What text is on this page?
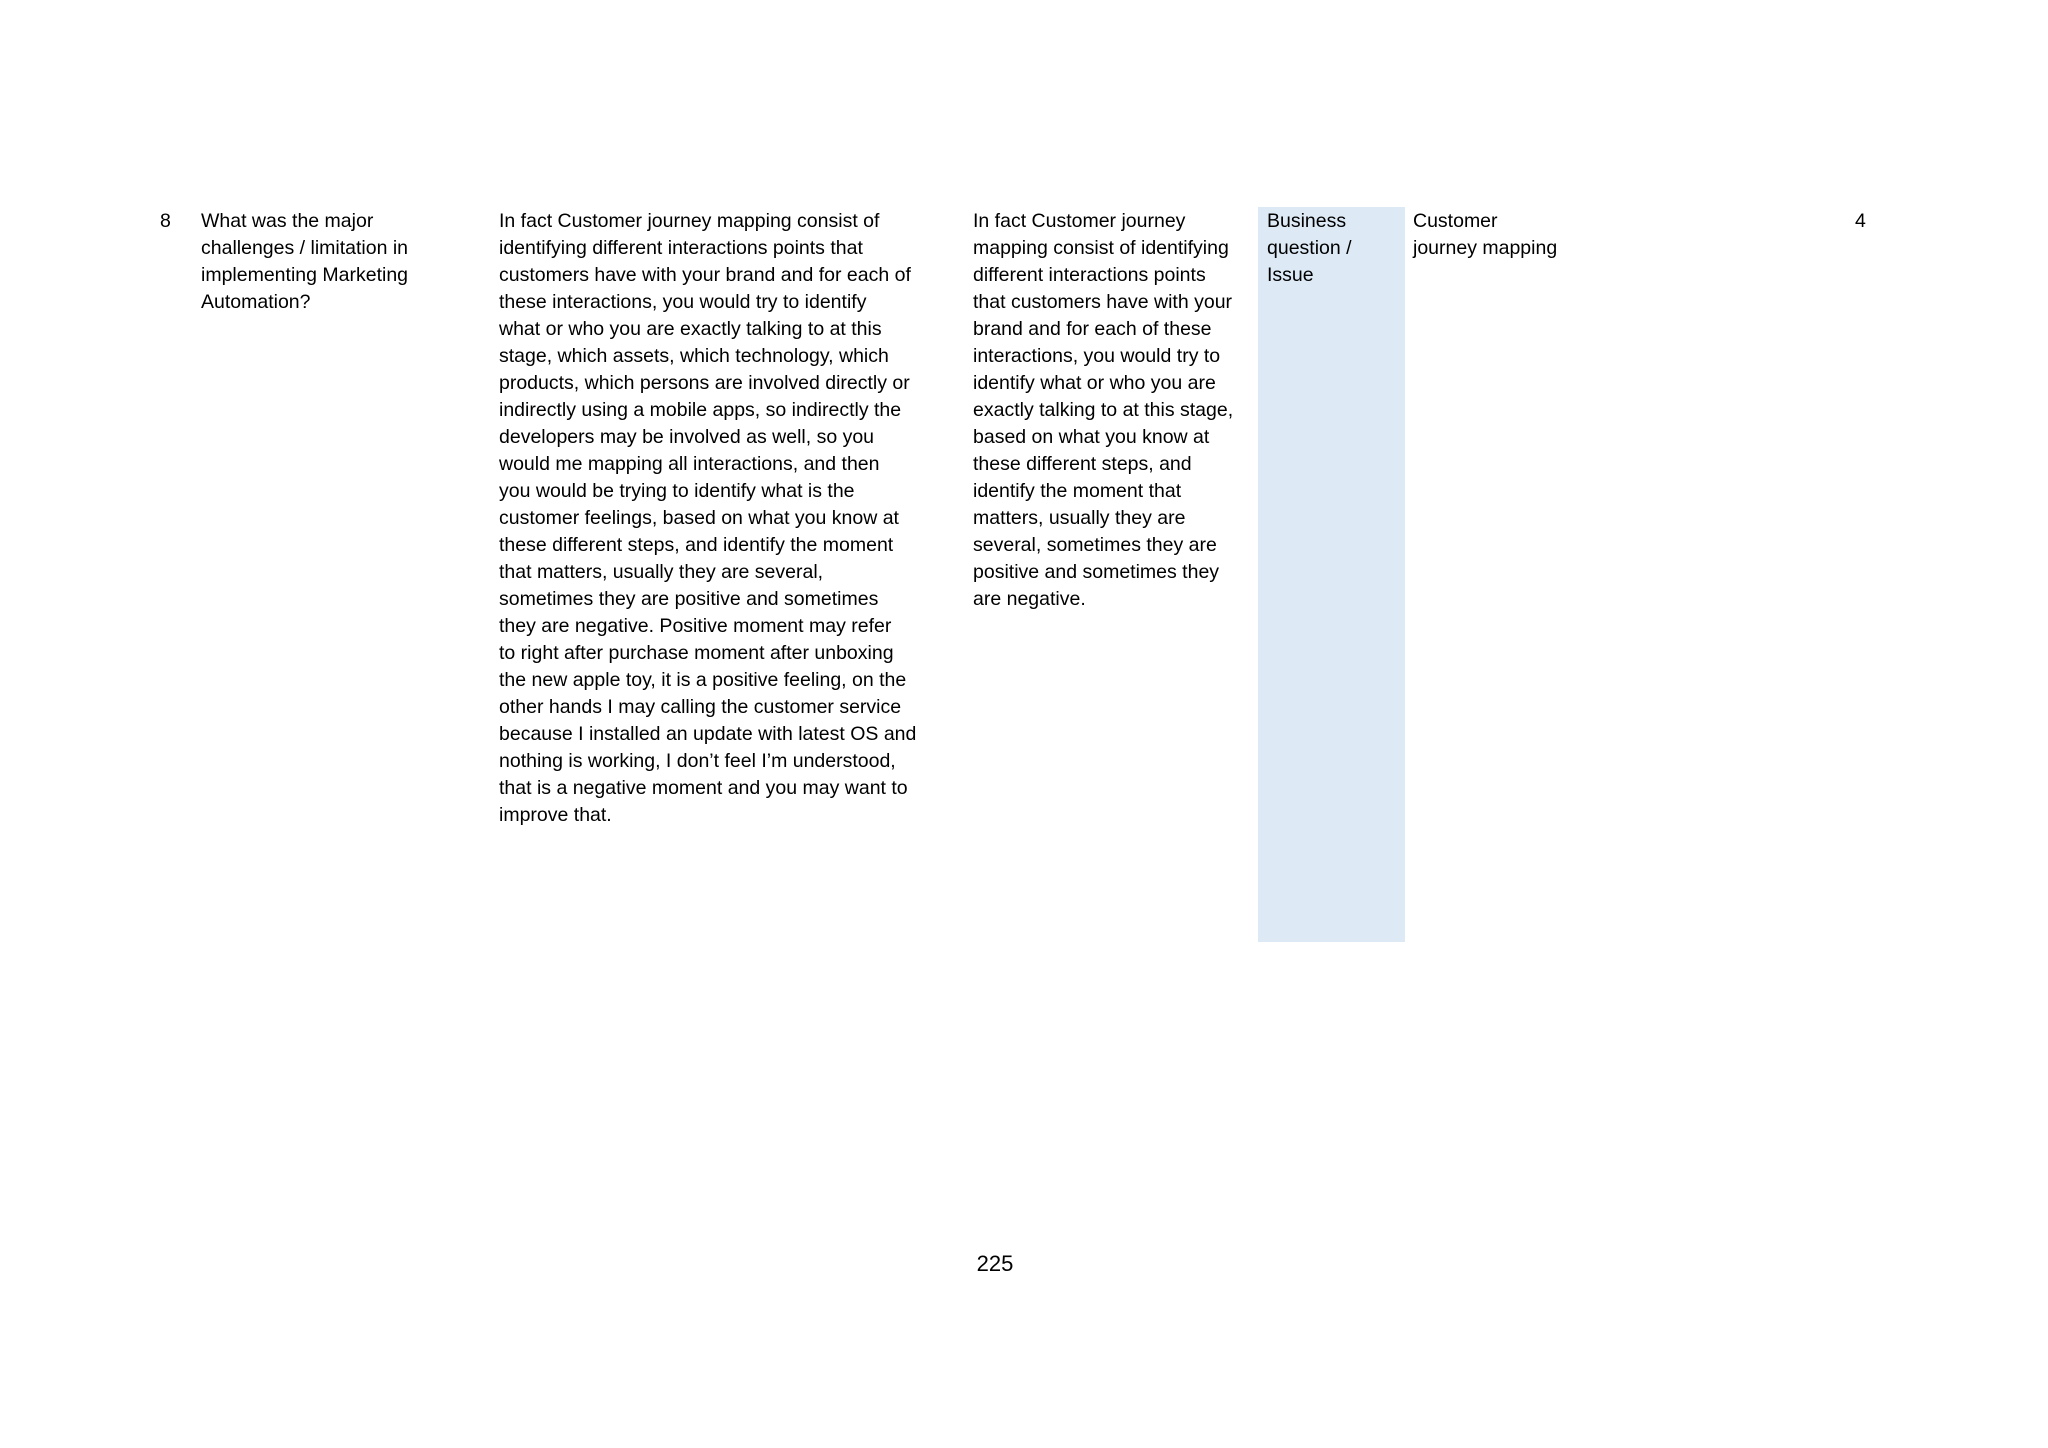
8	What was the major
challenges / limitation in
implementing Marketing
Automation?
In fact Customer journey mapping consist of
identifying different interactions points that
customers have with your brand and for each of
these interactions, you would try to identify
what or who you are exactly talking to at this
stage, which assets, which technology, which
products, which persons are involved directly or
indirectly using a mobile apps, so indirectly the
developers may be involved as well, so you
would me mapping all interactions, and then
you would be trying to identify what is the
customer feelings, based on what you know at
these different steps, and identify the moment
that matters, usually they are several,
sometimes they are positive and sometimes
they are negative. Positive moment may refer
to right after purchase moment after unboxing
the new apple toy, it is a positive feeling, on the
other hands I may calling the customer service
because I installed an update with latest OS and
nothing is working, I don’t feel I’m understood,
that is a negative moment and you may want to
improve that.
In fact Customer journey
mapping consist of identifying
different interactions points
that customers have with your
brand and for each of these
interactions, you would try to
identify what or who you are
exactly talking to at this stage,
based on what you know at
these different steps, and
identify the moment that
matters, usually they are
several, sometimes they are
positive and sometimes they
are negative.
Business
question /
Issue
Customer
journey mapping
4
225
